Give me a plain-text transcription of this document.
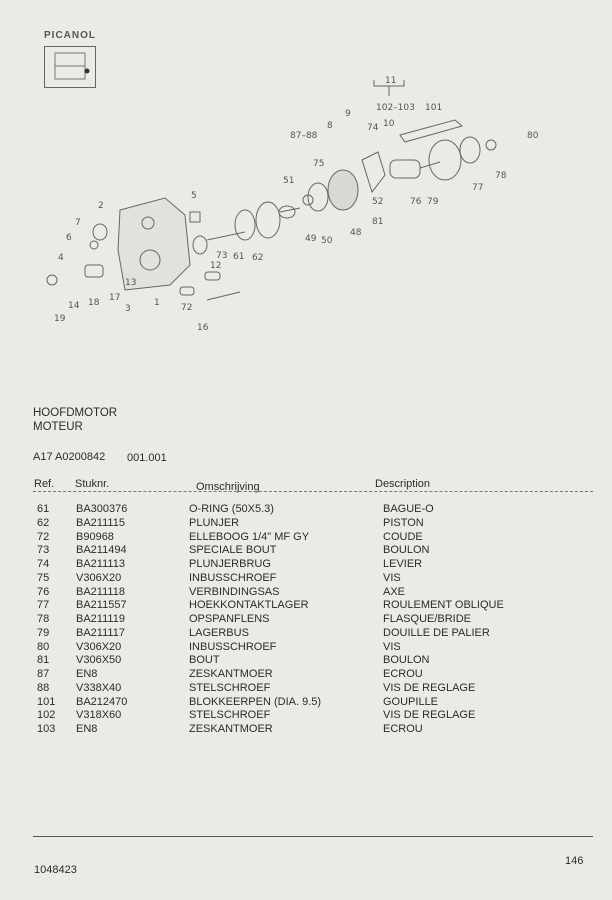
PICANOL
11
102–103 101
9
8	74 10
87–88	80
75
51	78
77
52	76 79
81
48
49 50
5
2
7
6
4	73 61 62
12
13
17
18
14
19
3
1 72
16
HOOFDMOTOR
MOTEUR
A17 A0200842 001.001
Ref. Stuknr.	Omschrijving	Description
61 BA300376	O-RING (50X5.3)	BAGUE-O
62 BA211115	PLUNJER	PISTON
72 B90968	ELLEBOOG 1/4" MF GY	COUDE
73 BA211494	SPECIALE BOUT	BOULON
74 BA211113	PLUNJERBRUG	LEVIER
75 V306X20	INBUSSCHROEF	VIS
76 BA211118	VERBINDINGSAS	AXE
77 BA211557	HOEKKONTAKTLAGER	ROULEMENT OBLIQUE
78 BA211119	OPSPANFLENS	FLASQUE/BRIDE
79 BA211117	LAGERBUS	DOUILLE DE PALIER
80 V306X20	INBUSSCHROEF	VIS
81 V306X50	BOUT	BOULON
87 EN8	ZESKANTMOER	ECROU
88 V338X40	STELSCHROEF	VIS DE REGLAGE
101 BA212470	BLOKKEERPEN (DIA. 9.5)	GOUPILLE
102 V318X60	STELSCHROEF	VIS DE REGLAGE
103 EN8	ZESKANTMOER	ECROU
1048423
146
